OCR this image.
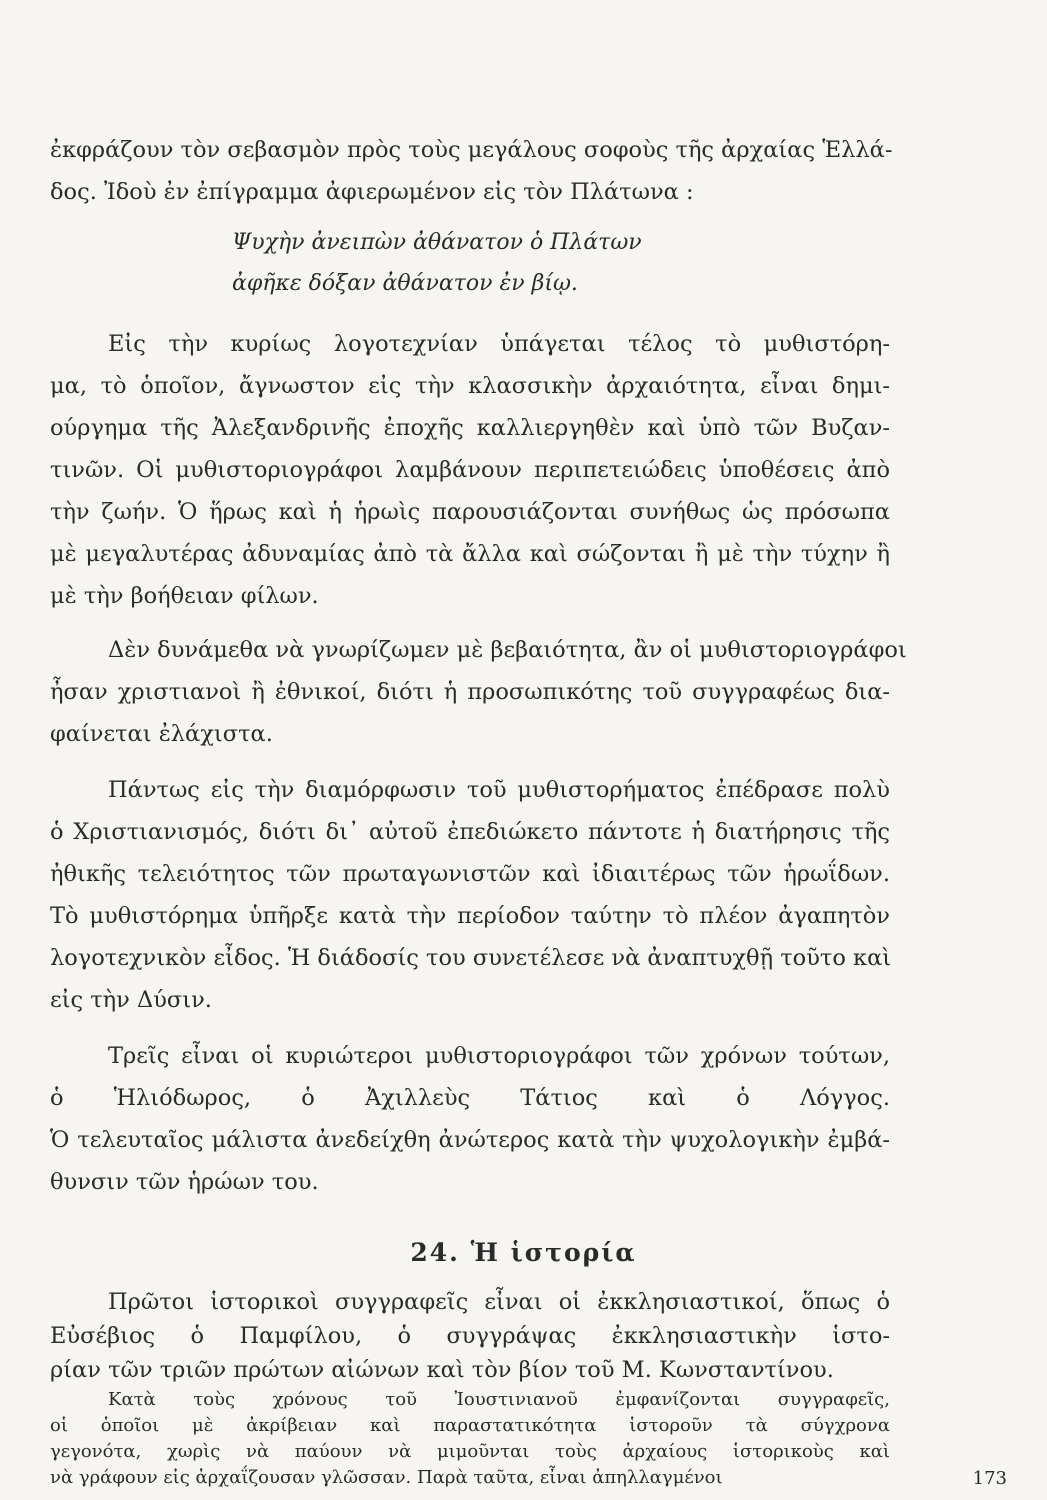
ἐκφράζουν τὸν σεβασμὸν πρὸς τοὺς μεγάλους σοφοὺς τῆς ἀρχαίας Ἑλλά-
δος. Ἰδοὺ ἐν ἐπίγραμμα ἀφιερωμένον εἰς τὸν Πλάτωνα :
Ψυχὴν ἀνειπὼν ἀθάνατον ὁ Πλάτων
ἀφῆκε δόξαν ἀθάνατον ἐν βίῳ.
Εἰς τὴν κυρίως λογοτεχνίαν ὑπάγεται τέλος τὸ μυθιστόρη-
μα, τὸ ὁποῖον, ἄγνωστον εἰς τὴν κλασσικὴν ἀρχαιότητα, εἶναι δημι-
ούργημα τῆς Ἀλεξανδρινῆς ἐποχῆς καλλιεργηθὲν καὶ ὑπὸ τῶν Βυζαν-
τινῶν. Οἱ μυθιστοριογράφοι λαμβάνουν περιπετειώδεις ὑποθέσεις ἀπὸ
τὴν ζωήν. Ὁ ἥρως καὶ ἡ ἡρωὶς παρουσιάζονται συνήθως ὡς πρόσωπα
μὲ μεγαλυτέρας ἀδυναμίας ἀπὸ τὰ ἄλλα καὶ σώζονται ἢ μὲ τὴν τύχην ἢ
μὲ τὴν βοήθειαν φίλων.
Δὲν δυνάμεθα νὰ γνωρίζωμεν μὲ βεβαιότητα, ἂν οἱ μυθιστοριογράφοι
ἦσαν χριστιανοὶ ἢ ἐθνικοί, διότι ἡ προσωπικότης τοῦ συγγραφέως δια-
φαίνεται ἐλάχιστα.
Πάντως εἰς τὴν διαμόρφωσιν τοῦ μυθιστορήματος ἐπέδρασε πολὺ
ὁ Χριστιανισμός, διότι δι᾽ αὐτοῦ ἐπεδιώκετο πάντοτε ἡ διατήρησις τῆς
ἠθικῆς τελειότητος τῶν πρωταγωνιστῶν καὶ ἰδιαιτέρως τῶν ἡρωΐδων.
Τὸ μυθιστόρημα ὑπῆρξε κατὰ τὴν περίοδον ταύτην τὸ πλέον ἀγαπητὸν
λογοτεχνικὸν εἶδος. Ἡ διάδοσίς του συνετέλεσε νὰ ἀναπτυχθῇ τοῦτο καὶ
εἰς τὴν Δύσιν.
Τρεῖς εἶναι οἱ κυριώτεροι μυθιστοριογράφοι τῶν χρόνων τούτων,
ὁ Ἡλιόδωρος, ὁ Ἀχιλλεὺς Τάτιος καὶ ὁ Λόγγος.
Ὁ τελευταῖος μάλιστα ἀνεδείχθη ἀνώτερος κατὰ τὴν ψυχολογικὴν ἐμβά-
θυνσιν τῶν ἡρώων του.
24. Ἡ ἱστορία
Πρῶτοι ἱστορικοὶ συγγραφεῖς εἶναι οἱ ἐκκλησιαστικοί, ὅπως ὁ
Εὐσέβιος ὁ Παμφίλου, ὁ συγγράψας ἐκκλησιαστικὴν ἱστο-
ρίαν τῶν τριῶν πρώτων αἰώνων καὶ τὸν βίον τοῦ Μ. Κωνσταντίνου.
173
Κατὰ τοὺς χρόνους τοῦ Ἰουστινιανοῦ ἐμφανίζονται συγγραφεῖς,
οἱ ὁποῖοι μὲ ἀκρίβειαν καὶ παραστατικότητα ἱστοροῦν τὰ σύγχρονα
γεγονότα, χωρὶς νὰ παύουν νὰ μιμοῦνται τοὺς ἀρχαίους ἱστορικοὺς καὶ
νὰ γράφουν εἰς ἀρχαΐζουσαν γλῶσσαν. Παρὰ ταῦτα, εἶναι ἀπηλλαγμένοι
